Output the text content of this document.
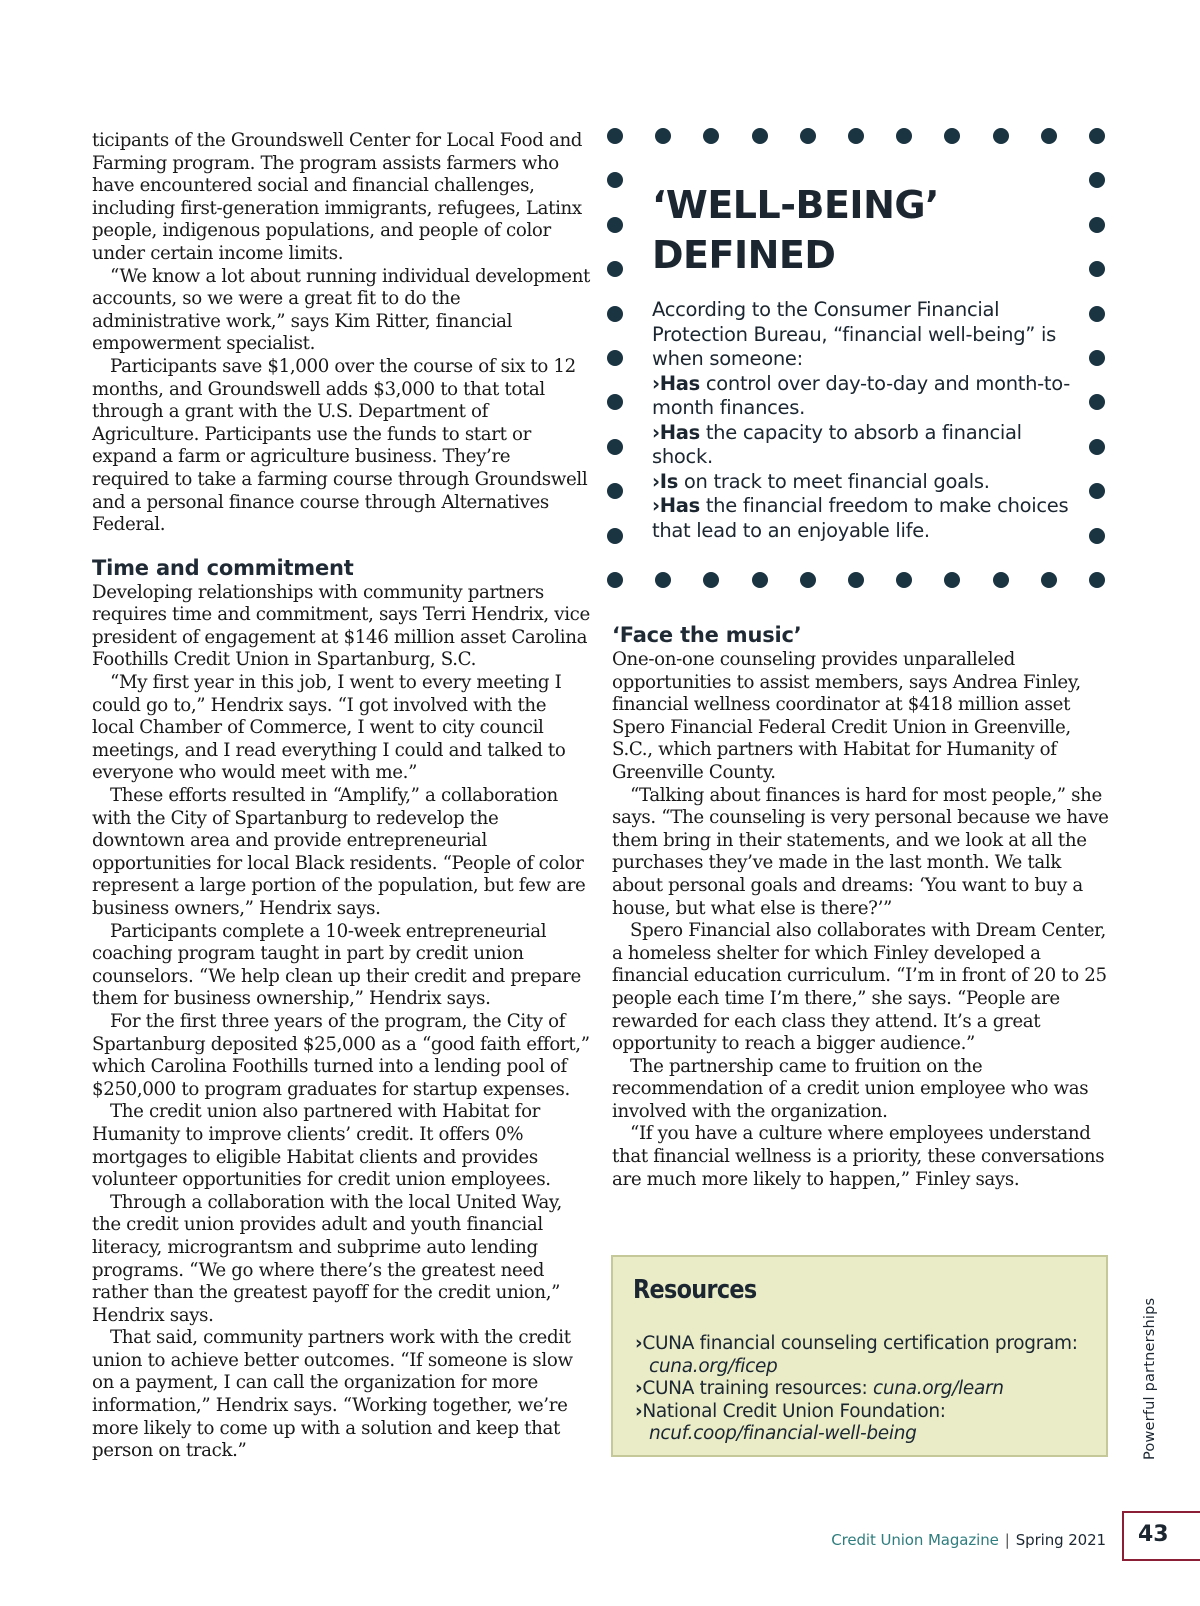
ticipants of the Groundswell Center for Local Food and Farming program. The program assists farmers who have encountered social and financial challenges, including first-generation immigrants, refugees, Latinx people, indigenous populations, and people of color under certain income limits.

“We know a lot about running individual development accounts, so we were a great fit to do the administrative work,” says Kim Ritter, financial empowerment specialist.

Participants save $1,000 over the course of six to 12 months, and Groundswell adds $3,000 to that total through a grant with the U.S. Department of Agriculture. Participants use the funds to start or expand a farm or agriculture business. They’re required to take a farming course through Groundswell and a personal finance course through Alternatives Federal.

Time and commitment

Developing relationships with community partners requires time and commitment, says Terri Hendrix, vice president of engagement at $146 million asset Carolina Foothills Credit Union in Spartanburg, S.C.

“My first year in this job, I went to every meeting I could go to,” Hendrix says. “I got involved with the local Chamber of Commerce, I went to city council meetings, and I read everything I could and talked to everyone who would meet with me.”

These efforts resulted in “Amplify,” a collaboration with the City of Spartanburg to redevelop the downtown area and provide entrepreneurial opportunities for local Black residents. “People of color represent a large portion of the population, but few are business owners,” Hendrix says.

Participants complete a 10-week entrepreneurial coaching program taught in part by credit union counselors. “We help clean up their credit and prepare them for business ownership,” Hendrix says.

For the first three years of the program, the City of Spartanburg deposited $25,000 as a “good faith effort,” which Carolina Foothills turned into a lending pool of $250,000 to program graduates for startup expenses.

The credit union also partnered with Habitat for Humanity to improve clients’ credit. It offers 0% mortgages to eligible Habitat clients and provides volunteer opportunities for credit union employees.

Through a collaboration with the local United Way, the credit union provides adult and youth financial literacy, micrograntsm and subprime auto lending programs. “We go where there’s the greatest need rather than the greatest payoff for the credit union,” Hendrix says.

That said, community partners work with the credit union to achieve better outcomes. “If someone is slow on a payment, I can call the organization for more information,” Hendrix says. “Working together, we’re more likely to come up with a solution and keep that person on track.”

‘WELL-BEING’
DEFINED
According to the Consumer Financial Protection Bureau, “financial well-being” is when someone:
›Has control over day-to-day and month-to-month finances.
›Has the capacity to absorb a financial shock.
›Is on track to meet financial goals.
›Has the financial freedom to make choices that lead to an enjoyable life.
‘Face the music’

One-on-one counseling provides unparalleled opportunities to assist members, says Andrea Finley, financial wellness coordinator at $418 million asset Spero Financial Federal Credit Union in Greenville, S.C., which partners with Habitat for Humanity of Greenville County.

“Talking about finances is hard for most people,” she says. “The counseling is very personal because we have them bring in their statements, and we look at all the purchases they’ve made in the last month. We talk about personal goals and dreams: ‘You want to buy a house, but what else is there?’”

Spero Financial also collaborates with Dream Center, a homeless shelter for which Finley developed a financial education curriculum. “I’m in front of 20 to 25 people each time I’m there,” she says. “People are rewarded for each class they attend. It’s a great opportunity to reach a bigger audience.”

The partnership came to fruition on the recommendation of a credit union employee who was involved with the organization.

“If you have a culture where employees understand that financial wellness is a priority, these conversations are much more likely to happen,” Finley says.

Resources
›CUNA financial counseling certification program: cuna.org/ficep
›CUNA training resources: cuna.org/learn
›National Credit Union Foundation: ncuf.coop/financial-well-being	Powerful partnerships
Credit Union Magazine | Spring 2021	43
